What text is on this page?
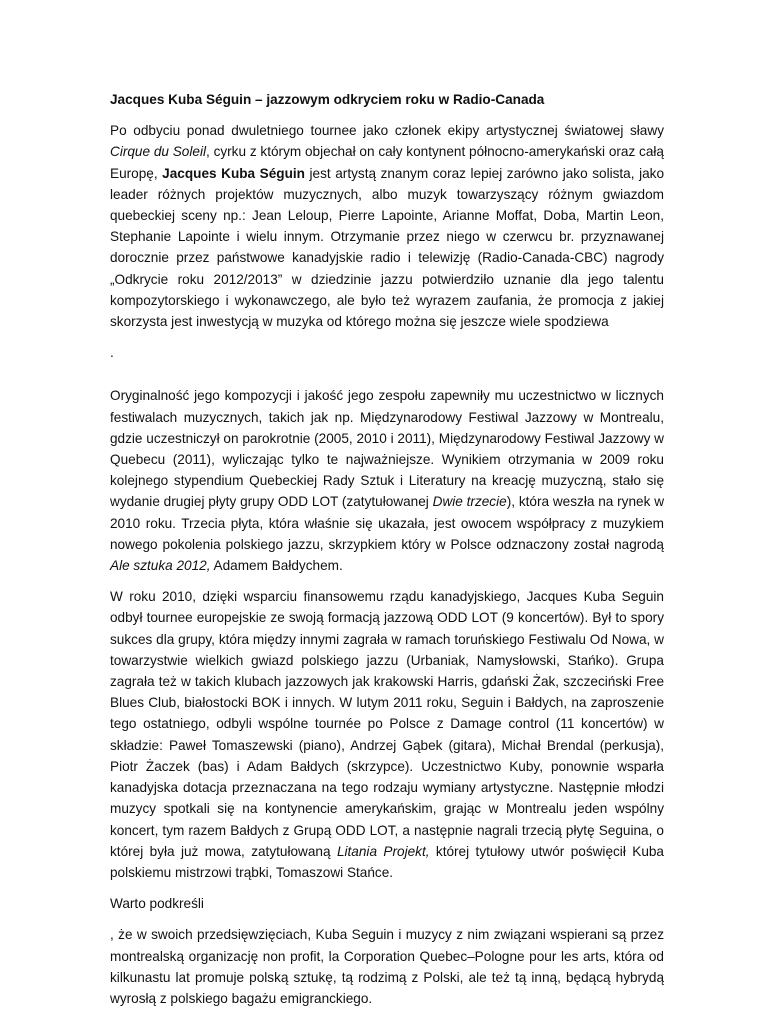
Jacques Kuba Séguin – jazzowym odkryciem roku w Radio-Canada

Po odbyciu ponad dwuletniego tournee jako członek ekipy artystycznej światowej sławy Cirque du Soleil, cyrku z którym objechał on cały kontynent północno-amerykański oraz całą Europę, Jacques Kuba Séguin jest artystą znanym coraz lepiej zarówno jako solista, jako leader różnych projektów muzycznych, albo muzyk towarzyszący różnym gwiazdom quebeckiej sceny np.: Jean Leloup, Pierre Lapointe, Arianne Moffat, Doba, Martin Leon, Stephanie Lapointe i wielu innym. Otrzymanie przez niego w czerwcu br. przyznawanej dorocznie przez państwowe kanadyjskie radio i telewizję (Radio-Canada-CBC) nagrody „Odkrycie roku 2012/2013” w dziedzinie jazzu potwierdziło uznanie dla jego talentu kompozytorskiego i wykonawczego, ale było też wyrazem zaufania, że promocja z jakiej skorzysta jest inwestycją w muzyka od którego można się jeszcze wiele spodziewa

.

Oryginalność jego kompozycji i jakość jego zespołu zapewniły mu uczestnictwo w licznych festiwalach muzycznych, takich jak np. Międzynarodowy Festiwal Jazzowy w Montrealu, gdzie uczestniczył on parokrotnie (2005, 2010 i 2011), Międzynarodowy Festiwal Jazzowy w Quebecu (2011), wyliczając tylko te najważniejsze. Wynikiem otrzymania w 2009 roku kolejnego stypendium Quebeckiej Rady Sztuk i Literatury na kreację muzyczną, stało się wydanie drugiej płyty grupy ODD LOT (zatytułowanej Dwie trzecie), która weszła na rynek w 2010 roku. Trzecia płyta, która właśnie się ukazała, jest owocem współpracy z muzykiem nowego pokolenia polskiego jazzu, skrzypkiem który w Polsce odznaczony został nagrodą Ale sztuka 2012, Adamem Bałdychem.

W roku 2010, dzięki wsparciu finansowemu rządu kanadyjskiego, Jacques Kuba Seguin odbył tournee europejskie ze swoją formacją jazzową ODD LOT (9 koncertów). Był to spory sukces dla grupy, która między innymi zagrała w ramach toruńskiego Festiwalu Od Nowa, w towarzystwie wielkich gwiazd polskiego jazzu (Urbaniak, Namysłowski, Stańko). Grupa zagrała też w takich klubach jazzowych jak krakowski Harris, gdański Żak, szczeciński Free Blues Club, białostocki BOK i innych. W lutym 2011 roku, Seguin i Bałdych, na zaproszenie tego ostatniego, odbyli wspólne tournée po Polsce z Damage control (11 koncertów) w składzie: Paweł Tomaszewski (piano), Andrzej Gąbek (gitara), Michał Brendal (perkusja), Piotr Żaczek (bas) i Adam Bałdych (skrzypce). Uczestnictwo Kuby, ponownie wsparła kanadyjska dotacja przeznaczana na tego rodzaju wymiany artystyczne. Następnie młodzi muzycy spotkali się na kontynencie amerykańskim, grając w Montrealu jeden wspólny koncert, tym razem Bałdych z Grupą ODD LOT, a następnie nagrali trzecią płytę Seguina, o której była już mowa, zatytułowaną Litania Projekt, której tytułowy utwór poświęcił Kuba polskiemu mistrzowi trąbki, Tomaszowi Stańce.

Warto podkreśli

, że w swoich przedsięwzięciach, Kuba Seguin i muzycy z nim związani wspierani są przez montrealską organizację non profit, la Corporation Quebec–Pologne pour les arts, która od kilkunastu lat promuje polską sztukę, tą rodzimą z Polski, ale też tą inną, będącą hybrydą wyrosłą z polskiego bagażu emigranckiego.
